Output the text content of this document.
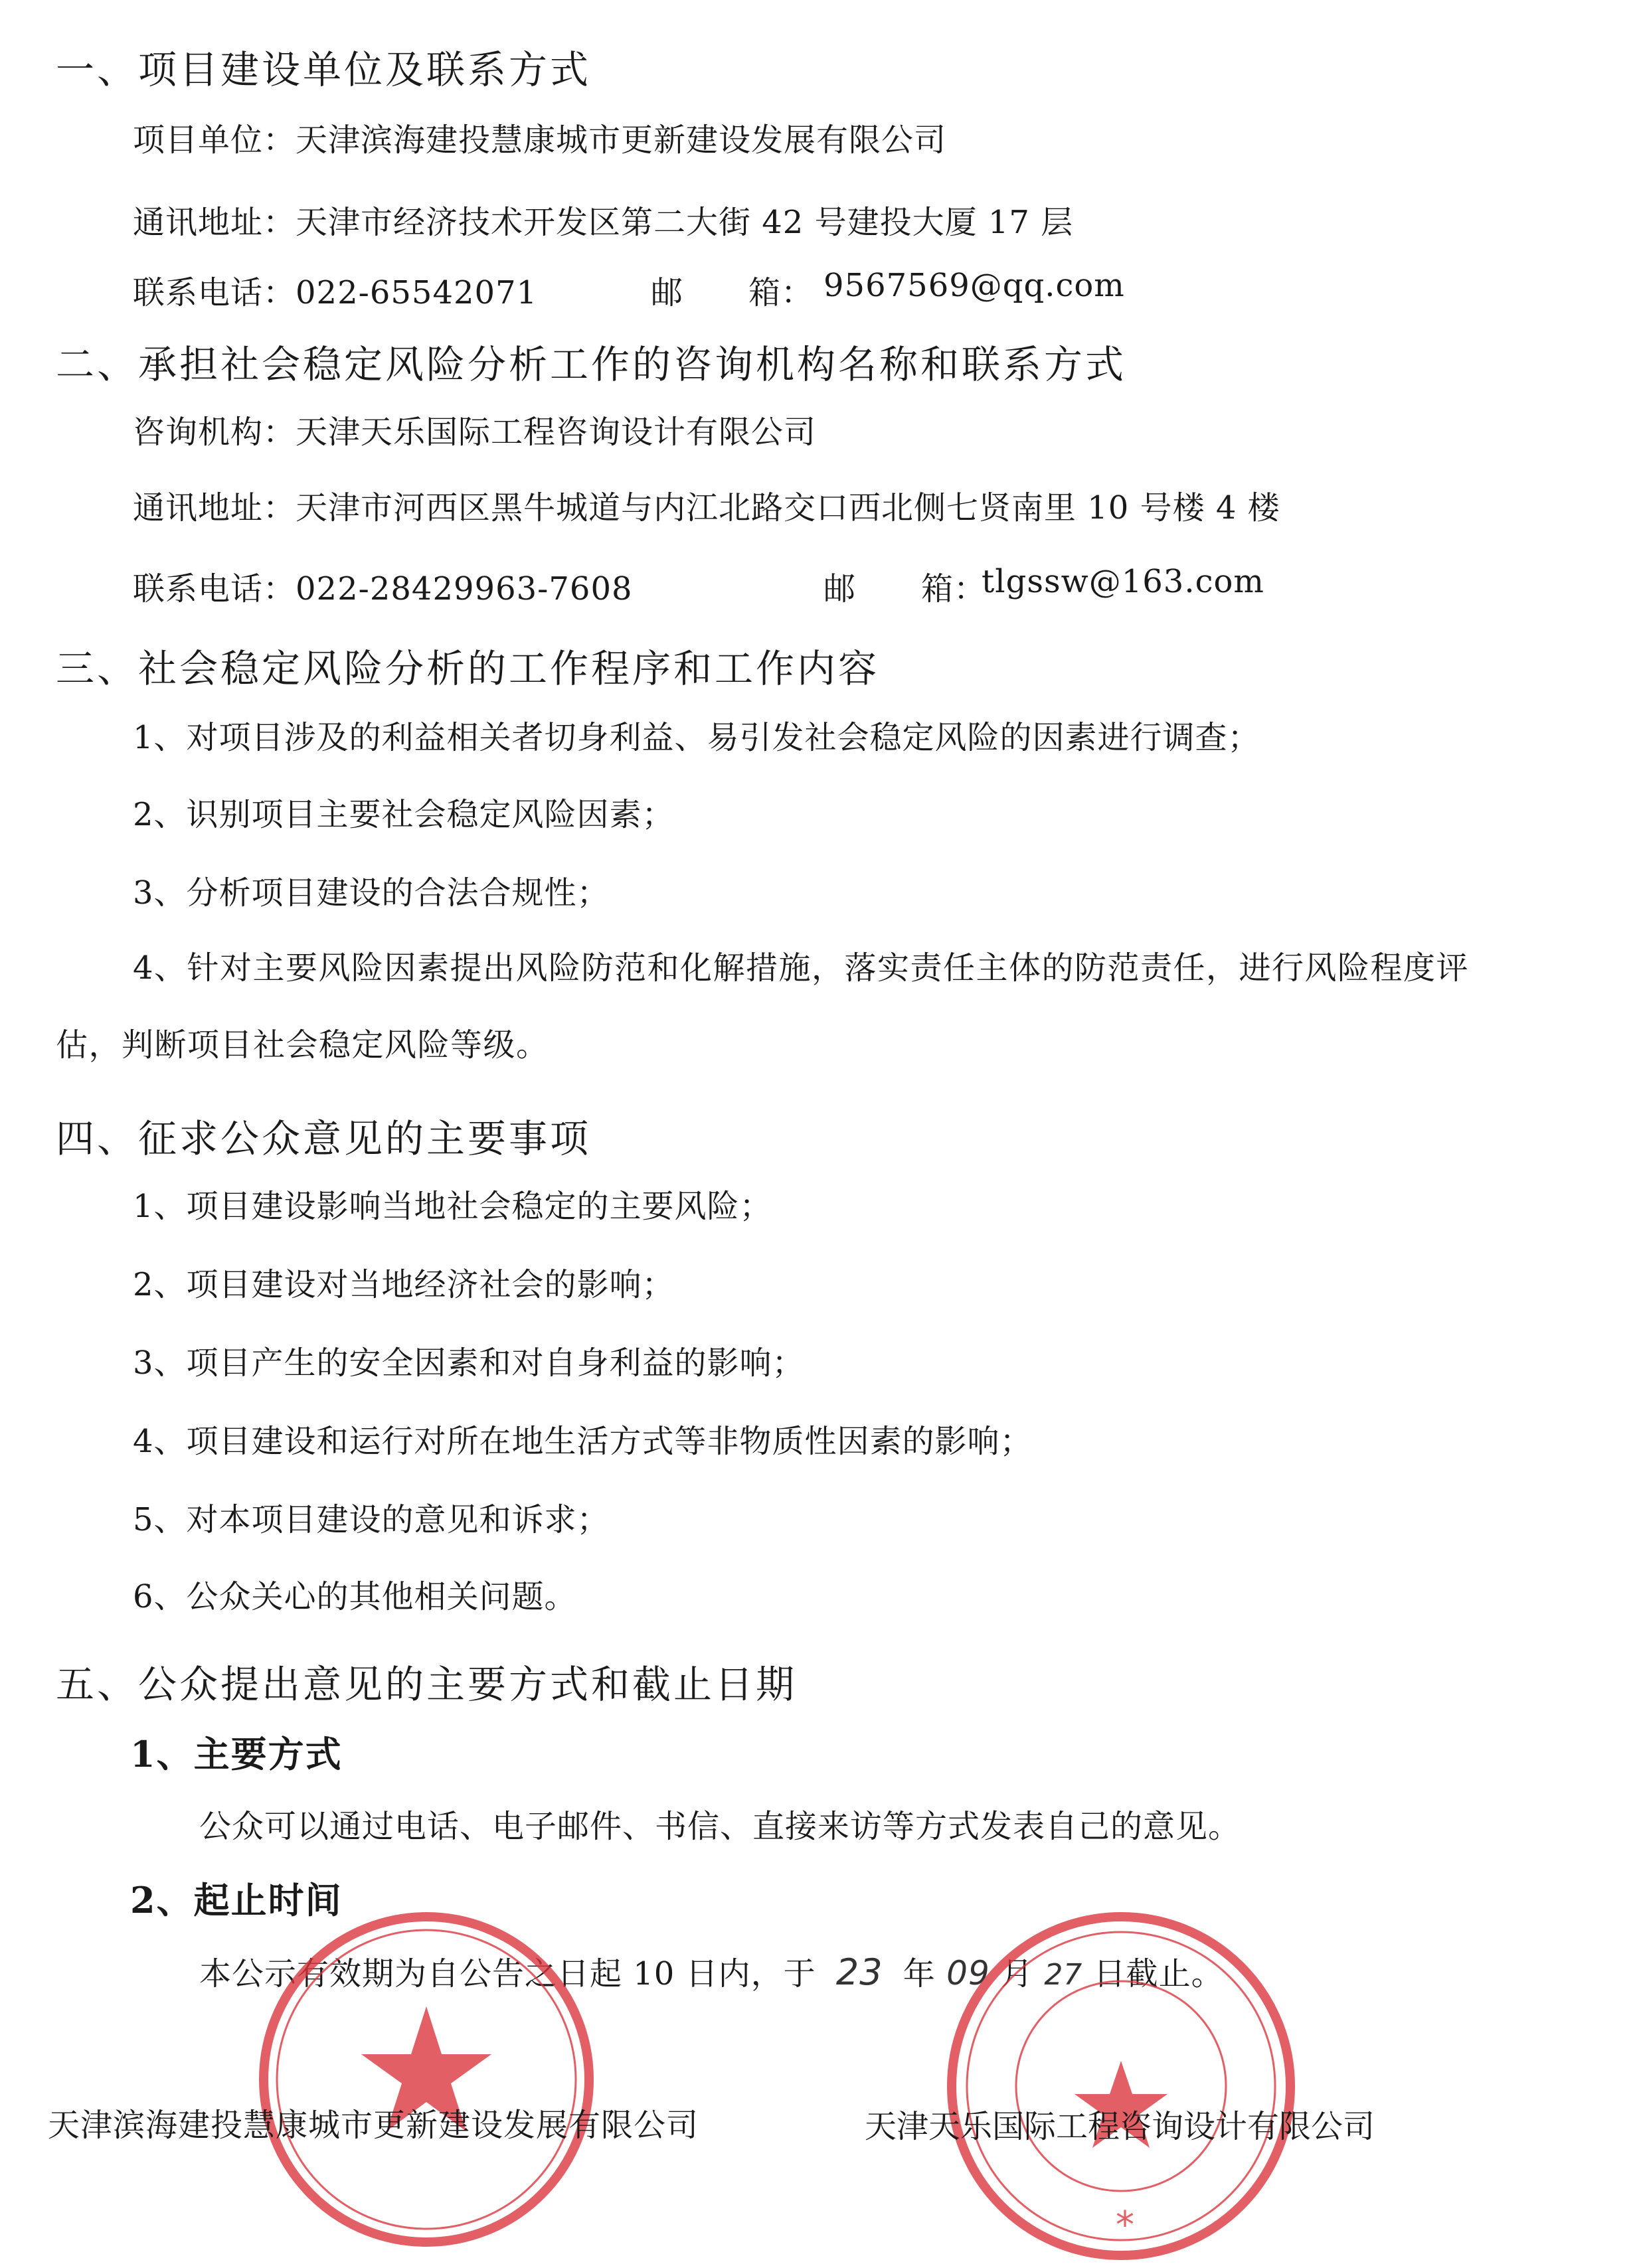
一、项目建设单位及联系方式
项目单位：天津滨海建投慧康城市更新建设发展有限公司
通讯地址：天津市经济技术开发区第二大街 42 号建投大厦 17 层
联系电话：022-65542071	邮　　箱： 9567569@qq.com
二、承担社会稳定风险分析工作的咨询机构名称和联系方式
咨询机构：天津天乐国际工程咨询设计有限公司
通讯地址：天津市河西区黑牛城道与内江北路交口西北侧七贤南里 10 号楼 4 楼
联系电话：022-28429963-7608	邮　　箱：
tlgssw@163.com
三、社会稳定风险分析的工作程序和工作内容
1、对项目涉及的利益相关者切身利益、易引发社会稳定风险的因素进行调查；
2、识别项目主要社会稳定风险因素；
3、分析项目建设的合法合规性；
4、针对主要风险因素提出风险防范和化解措施，落实责任主体的防范责任，进行风险程度评估，判断项目社会稳定风险等级。
四、征求公众意见的主要事项
1、项目建设影响当地社会稳定的主要风险；
2、项目建设对当地经济社会的影响；
3、项目产生的安全因素和对自身利益的影响；
4、项目建设和运行对所在地生活方式等非物质性因素的影响；
5、对本项目建设的意见和诉求；
6、公众关心的其他相关问题。
五、公众提出意见的主要方式和截止日期
1、主要方式
公众可以通过电话、电子邮件、书信、直接来访等方式发表自己的意见。
2、起止时间
本公示有效期为自公告之日起 10 日内，于 23 年 09 月 27 日截止。
*
天津滨海建投慧康城市更新建设发展有限公司	天津天乐国际工程咨询设计有限公司
